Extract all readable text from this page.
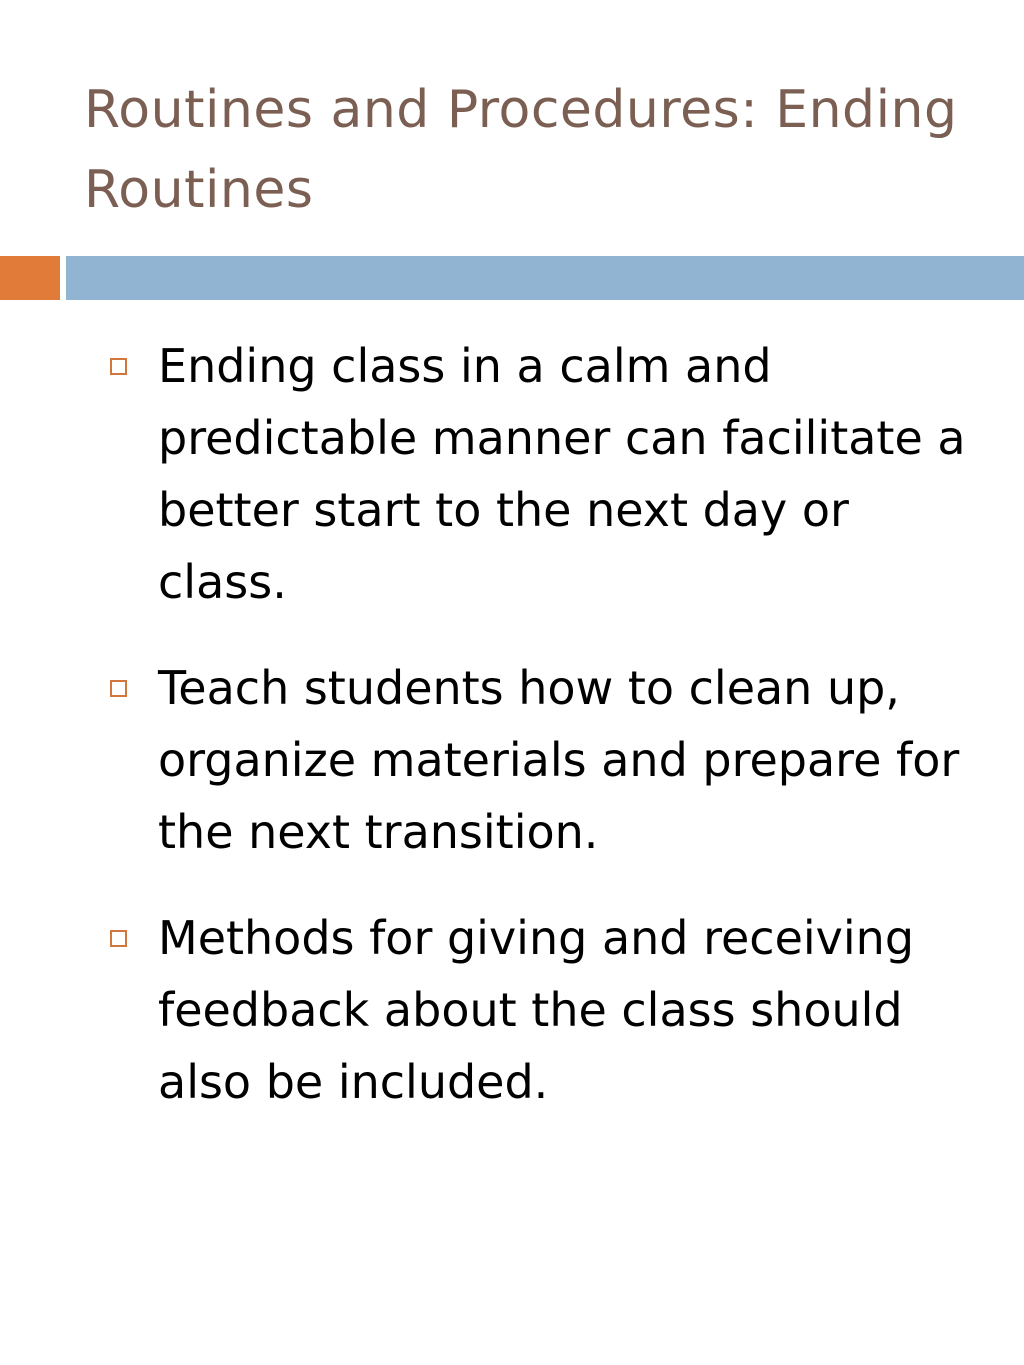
Routines and Procedures: Ending Routines
Ending class in a calm and predictable manner can facilitate a better start to the next day or class.
Teach students how to clean up, organize materials and prepare for the next transition.
Methods for giving and receiving feedback about the class should also be included.
